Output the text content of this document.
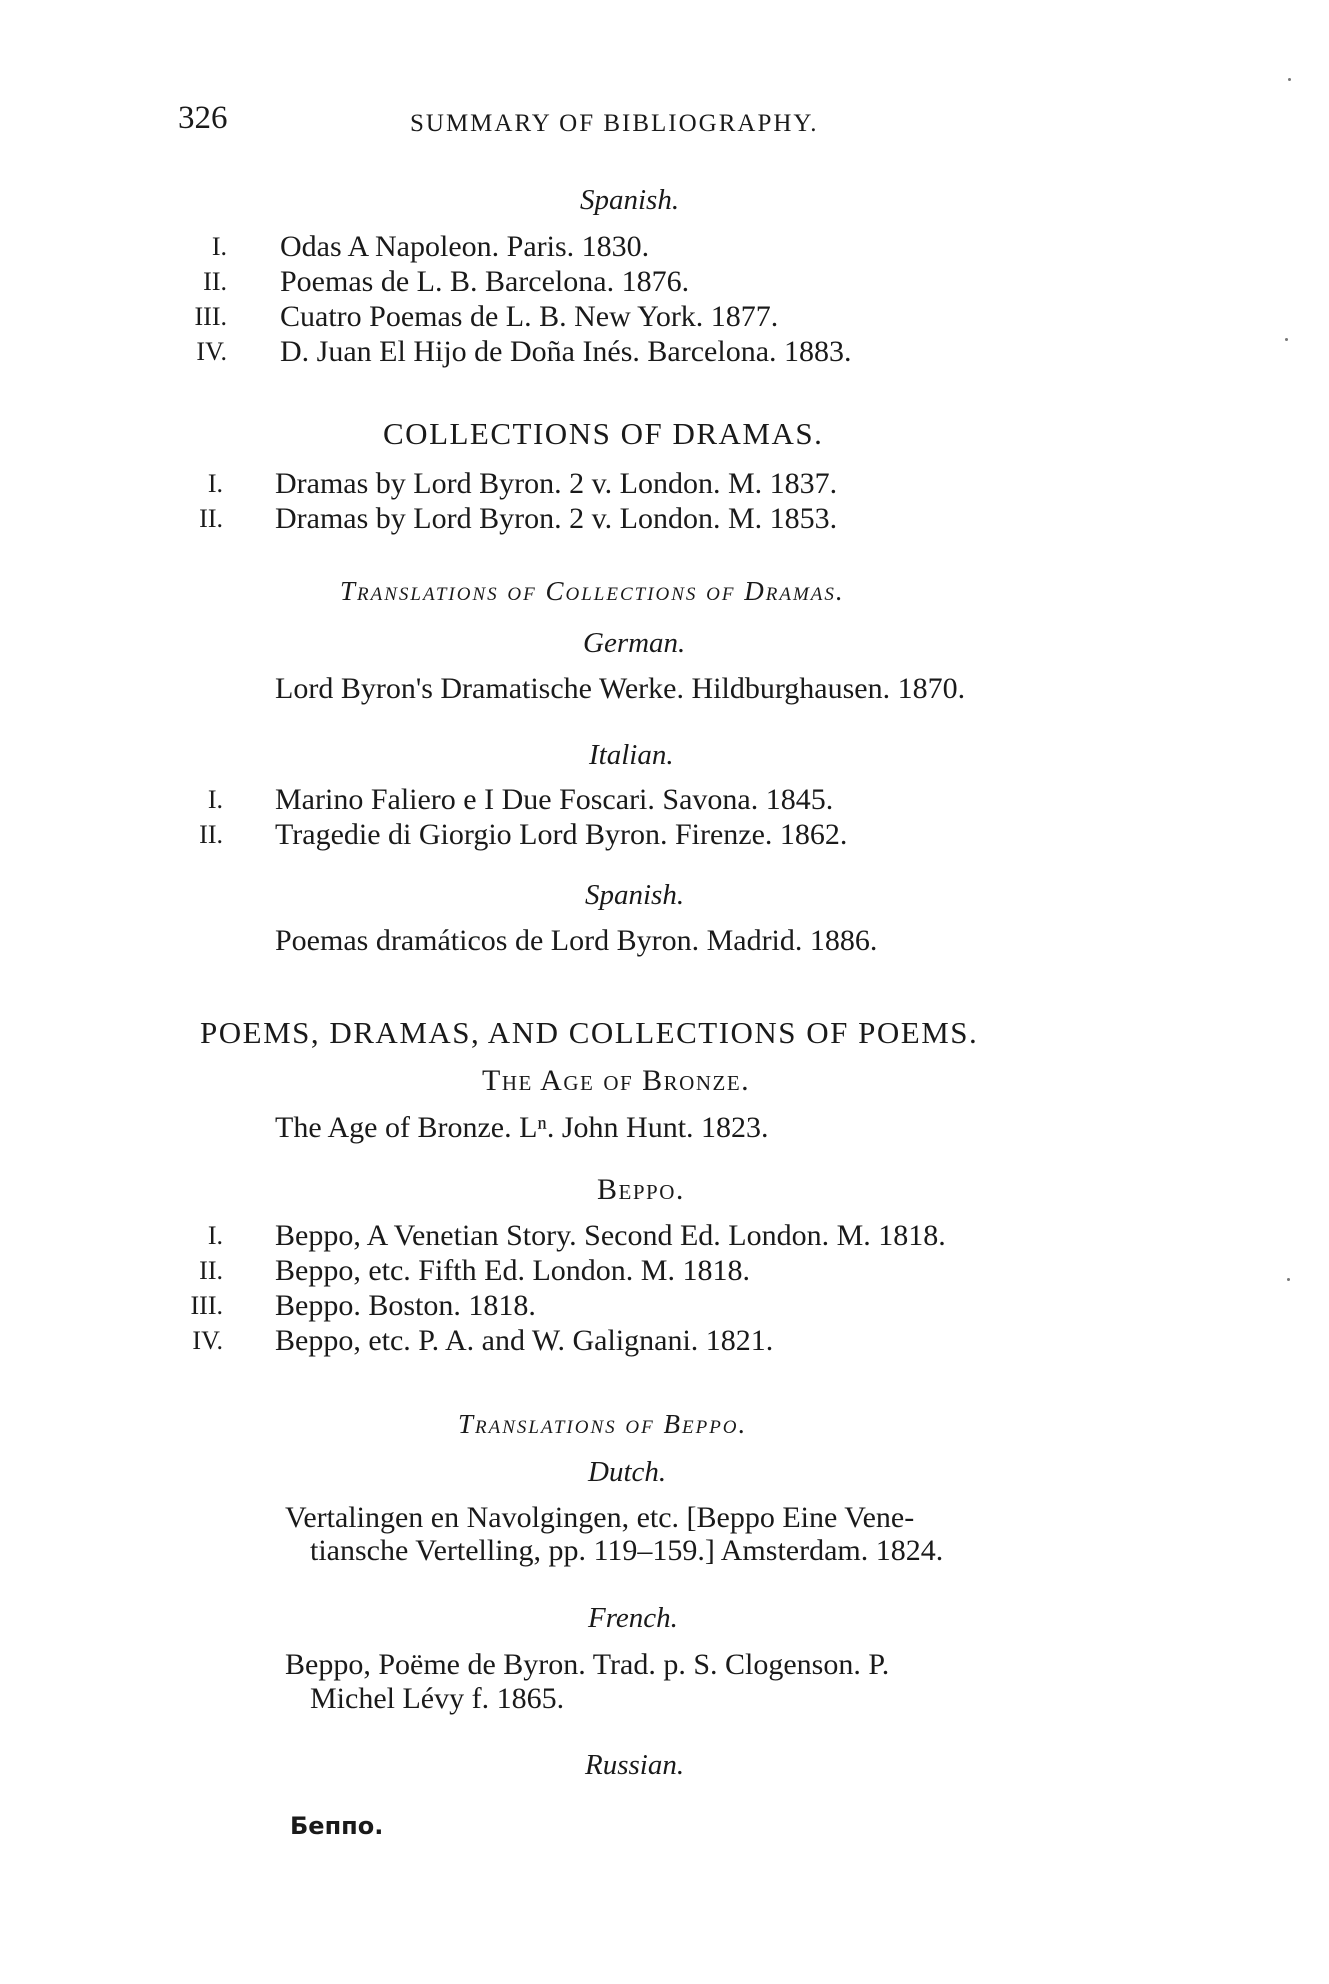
326	SUMMARY OF BIBLIOGRAPHY.
Spanish.
I. Odas A Napoleon. Paris. 1830.
II. Poemas de L. B. Barcelona. 1876.
III. Cuatro Poemas de L. B. New York. 1877.
IV. D. Juan El Hijo de Doña Inés. Barcelona. 1883.
COLLECTIONS OF DRAMAS.
I. Dramas by Lord Byron. 2 v. London. M. 1837.
II. Dramas by Lord Byron. 2 v. London. M. 1853.
Translations of Collections of Dramas.
German.
Lord Byron's Dramatische Werke. Hildburghausen. 1870.
Italian.
I. Marino Faliero e I Due Foscari. Savona. 1845.
II. Tragedie di Giorgio Lord Byron. Firenze. 1862.
Spanish.
Poemas dramáticos de Lord Byron. Madrid. 1886.
POEMS, DRAMAS, AND COLLECTIONS OF POEMS.
The Age of Bronze.
The Age of Bronze. Lⁿ. John Hunt. 1823.
Beppo.
I. Beppo, A Venetian Story. Second Ed. London. M. 1818.
II. Beppo, etc. Fifth Ed. London. M. 1818.
III. Beppo. Boston. 1818.
IV. Beppo, etc. P. A. and W. Galignani. 1821.
Translations of Beppo.
Dutch.
Vertalingen en Navolgingen, etc. [Beppo Eine Vene-
tiansche Vertelling, pp. 119–159.] Amsterdam. 1824.
French.
Beppo, Poëme de Byron. Trad. p. S. Clogenson. P.
Michel Lévy f. 1865.
Russian.
Беппо.
